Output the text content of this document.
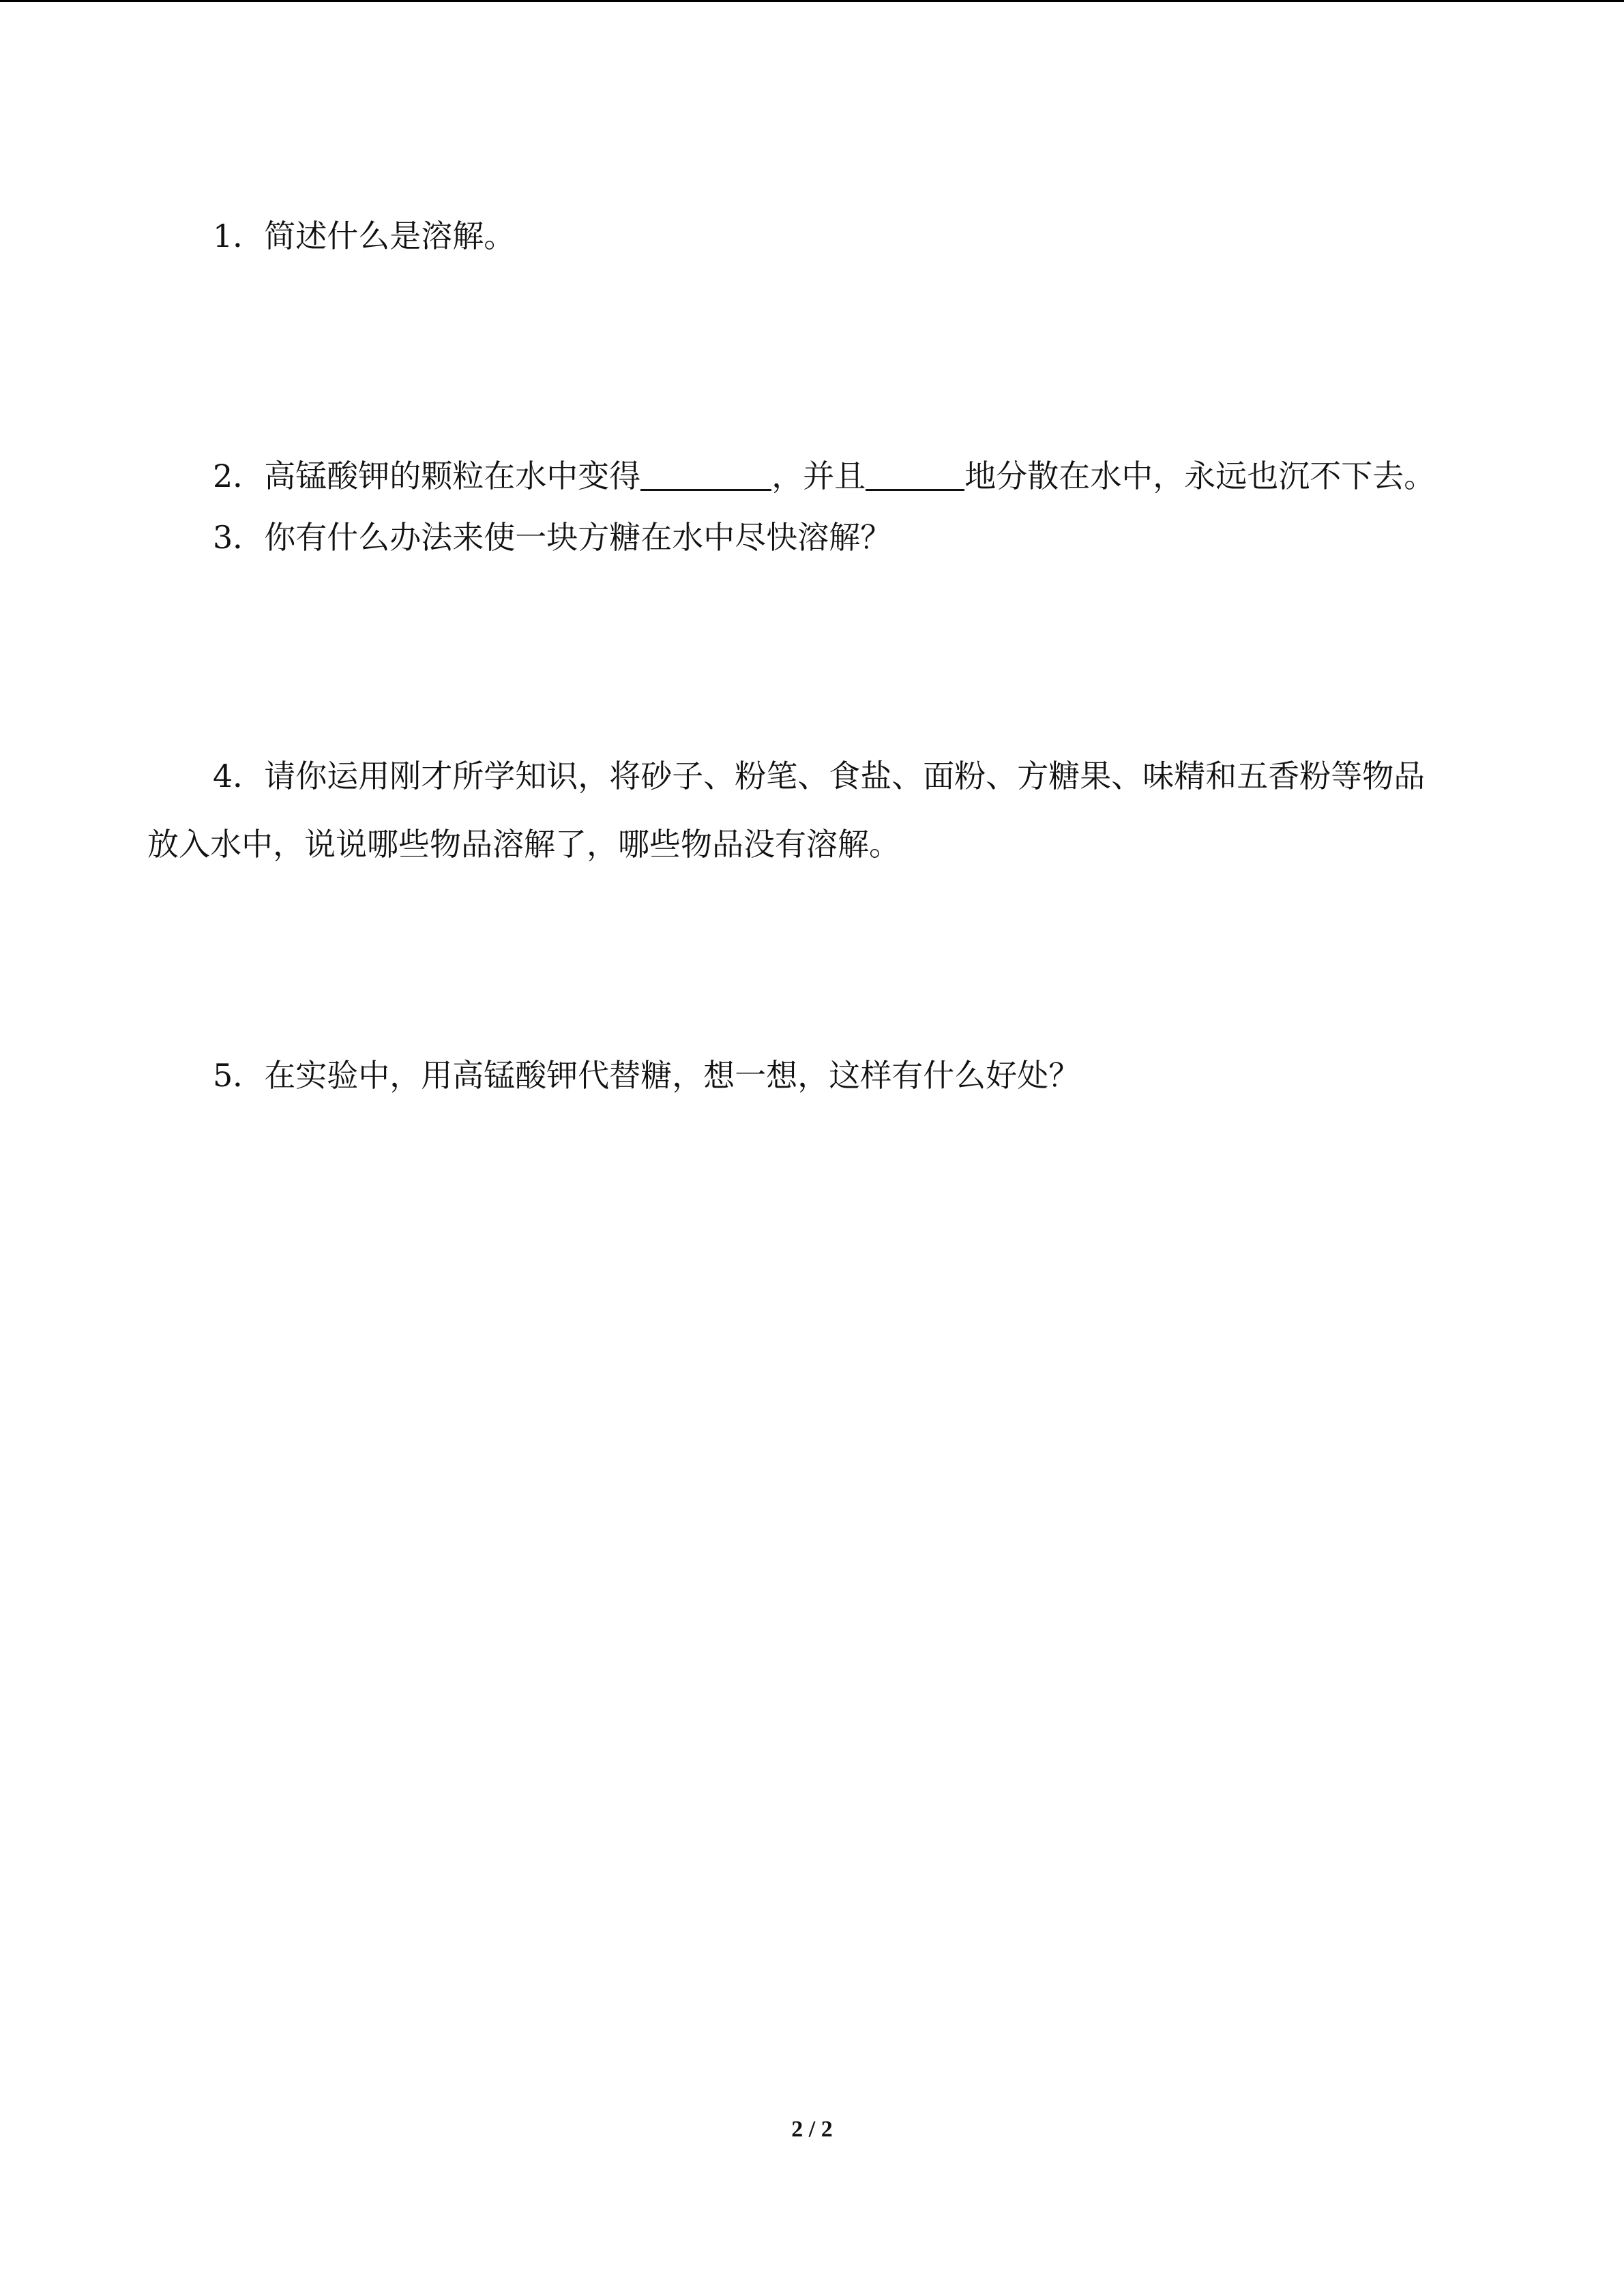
1．简述什么是溶解。
2．高锰酸钾的颗粒在水中变得	，并且	地分散在水中，永远也沉不下去。
3．你有什么办法来使一块方糖在水中尽快溶解？
4．请你运用刚才所学知识，将砂子、粉笔、食盐、面粉、方糖果、味精和五香粉等物品
放入水中，说说哪些物品溶解了，哪些物品没有溶解。
5．在实验中，用高锰酸钾代替糖，想一想，这样有什么好处？
2 / 2
